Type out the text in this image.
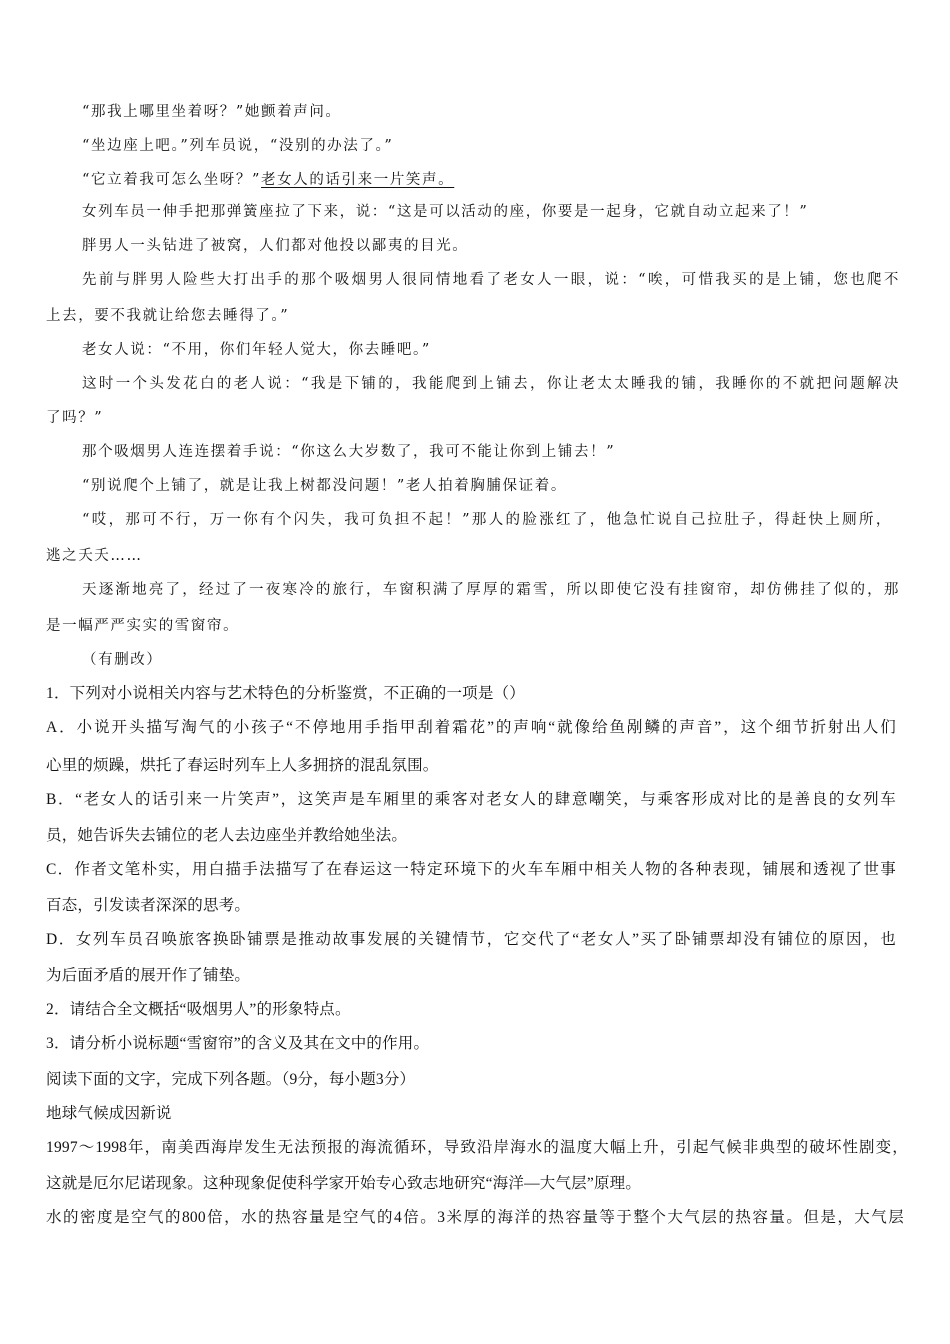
“那我上哪里坐着呀？”她颤着声问。

“坐边座上吧。”列车员说，“没别的办法了。”

“它立着我可怎么坐呀？”老女人的话引来一片笑声。

女列车员一伸手把那弹簧座拉了下来，说：“这是可以活动的座，你要是一起身，它就自动立起来了！”

胖男人一头钻进了被窝，人们都对他投以鄙夷的目光。

先前与胖男人险些大打出手的那个吸烟男人很同情地看了老女人一眼，说：“唉，可惜我买的是上铺，您也爬不

上去，要不我就让给您去睡得了。”

老女人说：“不用，你们年轻人觉大，你去睡吧。”

这时一个头发花白的老人说：“我是下铺的，我能爬到上铺去，你让老太太睡我的铺，我睡你的不就把问题解决

了吗？”

那个吸烟男人连连摆着手说：“你这么大岁数了，我可不能让你到上铺去！”

“别说爬个上铺了，就是让我上树都没问题！”老人拍着胸脯保证着。

“哎，那可不行，万一你有个闪失，我可负担不起！”那人的脸涨红了，他急忙说自己拉肚子，得赶快上厕所，

逃之夭夭……

天逐渐地亮了，经过了一夜寒冷的旅行，车窗积满了厚厚的霜雪，所以即使它没有挂窗帘，却仿佛挂了似的，那

是一幅严严实实的雪窗帘。

（有删改）

1．下列对小说相关内容与艺术特色的分析鉴赏，不正确的一项是（）

A．小说开头描写淘气的小孩子“不停地用手指甲刮着霜花”的声响“就像给鱼剐鳞的声音”，这个细节折射出人们

心里的烦躁，烘托了春运时列车上人多拥挤的混乱氛围。

B．“老女人的话引来一片笑声”，这笑声是车厢里的乘客对老女人的肆意嘲笑，与乘客形成对比的是善良的女列车

员，她告诉失去铺位的老人去边座坐并教给她坐法。

C．作者文笔朴实，用白描手法描写了在春运这一特定环境下的火车车厢中相关人物的各种表现，铺展和透视了世事

百态，引发读者深深的思考。

D．女列车员召唤旅客换卧铺票是推动故事发展的关键情节，它交代了“老女人”买了卧铺票却没有铺位的原因，也

为后面矛盾的展开作了铺垫。

2．请结合全文概括“吸烟男人”的形象特点。

3．请分析小说标题“雪窗帘”的含义及其在文中的作用。

阅读下面的文字，完成下列各题。（9分，每小题3分）

地球气候成因新说

1997～1998年，南美西海岸发生无法预报的海流循环，导致沿岸海水的温度大幅上升，引起气候非典型的破坏性剧变，

这就是厄尔尼诺现象。这种现象促使科学家开始专心致志地研究“海洋—大气层”原理。

水的密度是空气的800倍，水的热容量是空气的4倍。3米厚的海洋的热容量等于整个大气层的热容量。但是，大气层
